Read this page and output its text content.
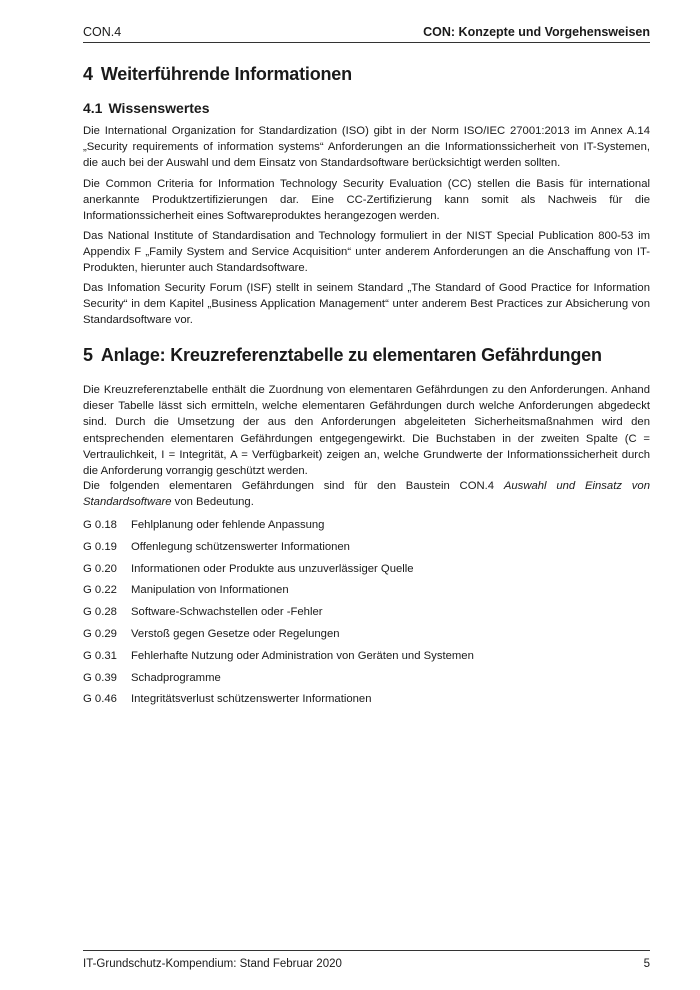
CON.4	CON: Konzepte und Vorgehensweisen
4 Weiterführende Informationen
4.1 Wissenswertes

Die International Organization for Standardization (ISO) gibt in der Norm ISO/IEC 27001:2013 im Annex A.14 „Security requirements of information systems“ Anforderungen an die Informationssicherheit von IT-Systemen, die auch bei der Auswahl und dem Einsatz von Standardsoftware berücksichtigt werden sollten.

Die Common Criteria for Information Technology Security Evaluation (CC) stellen die Basis für international anerkannte Produktzertifizierungen dar. Eine CC-Zertifizierung kann somit als Nachweis für die Informationssicherheit eines Softwareproduktes herangezogen werden.

Das National Institute of Standardisation and Technology formuliert in der NIST Special Publication 800-53 im Appendix F „Family System and Service Acquisition“ unter anderem Anforderungen an die Anschaffung von IT-Produkten, hierunter auch Standardsoftware.

Das Infomation Security Forum (ISF) stellt in seinem Standard „The Standard of Good Practice for Information Security“ in dem Kapitel „Business Application Management“ unter anderem Best Practices zur Absicherung von Standardsoftware vor.

5 Anlage: Kreuzreferenztabelle zu elementaren Gefährdungen

Die Kreuzreferenztabelle enthält die Zuordnung von elementaren Gefährdungen zu den Anforderungen. Anhand dieser Tabelle lässt sich ermitteln, welche elementaren Gefährdungen durch welche Anforderungen abgedeckt sind. Durch die Umsetzung der aus den Anforderungen abgeleiteten Sicherheitsmaßnahmen wird den entsprechenden elementaren Gefährdungen entgegengewirkt. Die Buchstaben in der zweiten Spalte (C = Vertraulichkeit, I = Integrität, A = Verfügbarkeit) zeigen an, welche Grundwerte der Informationssicherheit durch die Anforderung vorrangig geschützt werden.

Die folgenden elementaren Gefährdungen sind für den Baustein CON.4 Auswahl und Einsatz von Standardsoftware von Bedeutung.

G 0.18	Fehlplanung oder fehlende Anpassung
G 0.19	Offenlegung schützenswerter Informationen
G 0.20	Informationen oder Produkte aus unzuverlässiger Quelle
G 0.22	Manipulation von Informationen
G 0.28	Software-Schwachstellen oder -Fehler
G 0.29	Verstoß gegen Gesetze oder Regelungen
G 0.31	Fehlerhafte Nutzung oder Administration von Geräten und Systemen
G 0.39	Schadprogramme
G 0.46	Integritätsverlust schützenswerter Informationen
IT-Grundschutz-Kompendium: Stand Februar 2020	5
